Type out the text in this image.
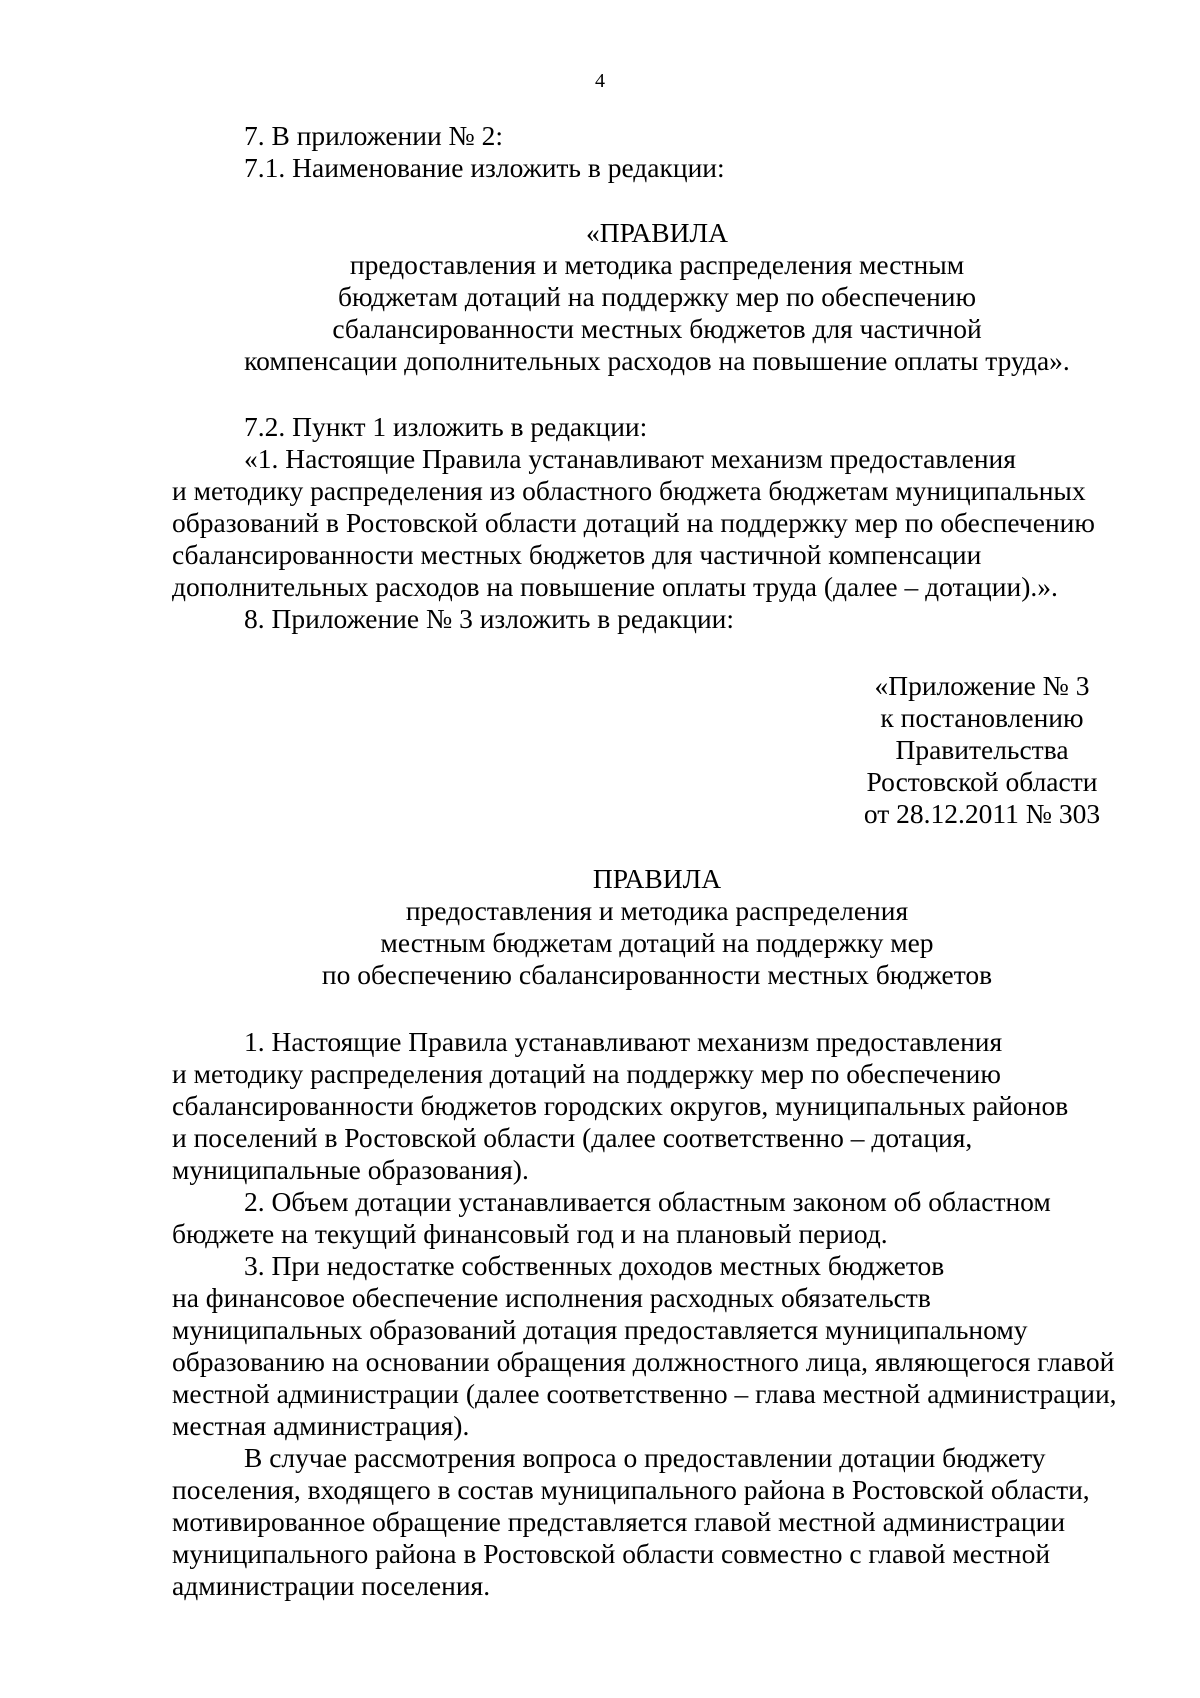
4
7. В приложении № 2:
7.1. Наименование изложить в редакции:
«ПРАВИЛА
предоставления и методика распределения местным
бюджетам дотаций на поддержку мер по обеспечению
сбалансированности местных бюджетов для частичной
компенсации дополнительных расходов на повышение оплаты труда».
7.2. Пункт 1 изложить в редакции:
«1. Настоящие Правила устанавливают механизм предоставления
и методику распределения из областного бюджета бюджетам муниципальных
образований в Ростовской области дотаций на поддержку мер по обеспечению
сбалансированности местных бюджетов для частичной компенсации
дополнительных расходов на повышение оплаты труда (далее – дотации).».
8. Приложение № 3 изложить в редакции:
«Приложение № 3
к постановлению
Правительства
Ростовской области
от 28.12.2011 № 303
ПРАВИЛА
предоставления и методика распределения
местным бюджетам дотаций на поддержку мер
по обеспечению сбалансированности местных бюджетов
1. Настоящие Правила устанавливают механизм предоставления
и методику распределения дотаций на поддержку мер по обеспечению
сбалансированности бюджетов городских округов, муниципальных районов
и поселений в Ростовской области (далее соответственно – дотация,
муниципальные образования).
2. Объем дотации устанавливается областным законом об областном
бюджете на текущий финансовый год и на плановый период.
3. При недостатке собственных доходов местных бюджетов
на финансовое обеспечение исполнения расходных обязательств
муниципальных образований дотация предоставляется муниципальному
образованию на основании обращения должностного лица, являющегося главой
местной администрации (далее соответственно – глава местной администрации,
местная администрация).
В случае рассмотрения вопроса о предоставлении дотации бюджету
поселения, входящего в состав муниципального района в Ростовской области,
мотивированное обращение представляется главой местной администрации
муниципального района в Ростовской области совместно с главой местной
администрации поселения.
